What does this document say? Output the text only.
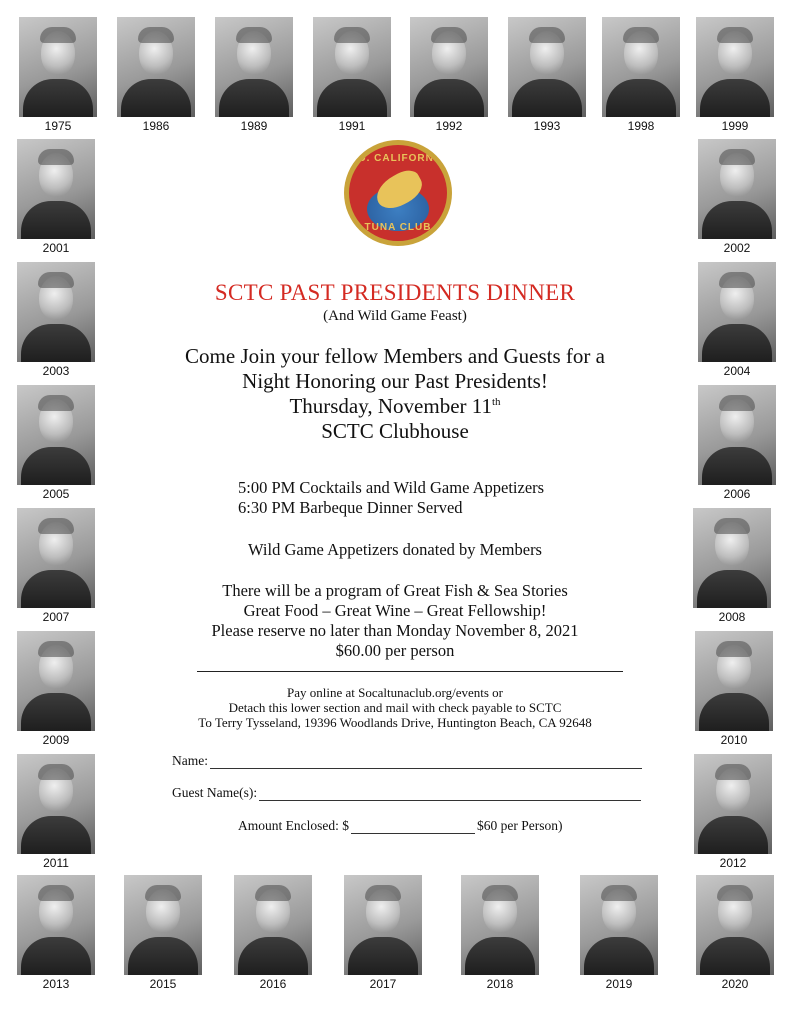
1975	1986	1989	1991	1992	1993	1998	1999
2001	2002
2003	2004
2005	2006
2007	2008
2009	2010
2011	2012
2013	2015	2016	2017	2018	2019	2020
SO. CALIFORNIA
TUNA CLUB
SCTC PAST PRESIDENTS DINNER
(And Wild Game Feast)
Come Join your fellow Members and Guests for a
Night Honoring our Past Presidents!
Thursday, November 11th
SCTC Clubhouse
5:00 PM Cocktails and Wild Game Appetizers
6:30 PM Barbeque Dinner Served
Wild Game Appetizers donated by Members
There will be a program of Great Fish & Sea Stories
Great Food – Great Wine – Great Fellowship!
Please reserve no later than Monday November 8, 2021
$60.00 per person
Pay online at Socaltunaclub.org/events or
Detach this lower section and mail with check payable to SCTC
To Terry Tysseland, 19396 Woodlands Drive, Huntington Beach, CA 92648
Name:
Guest Name(s):
Amount Enclosed: $	$60 per Person)
